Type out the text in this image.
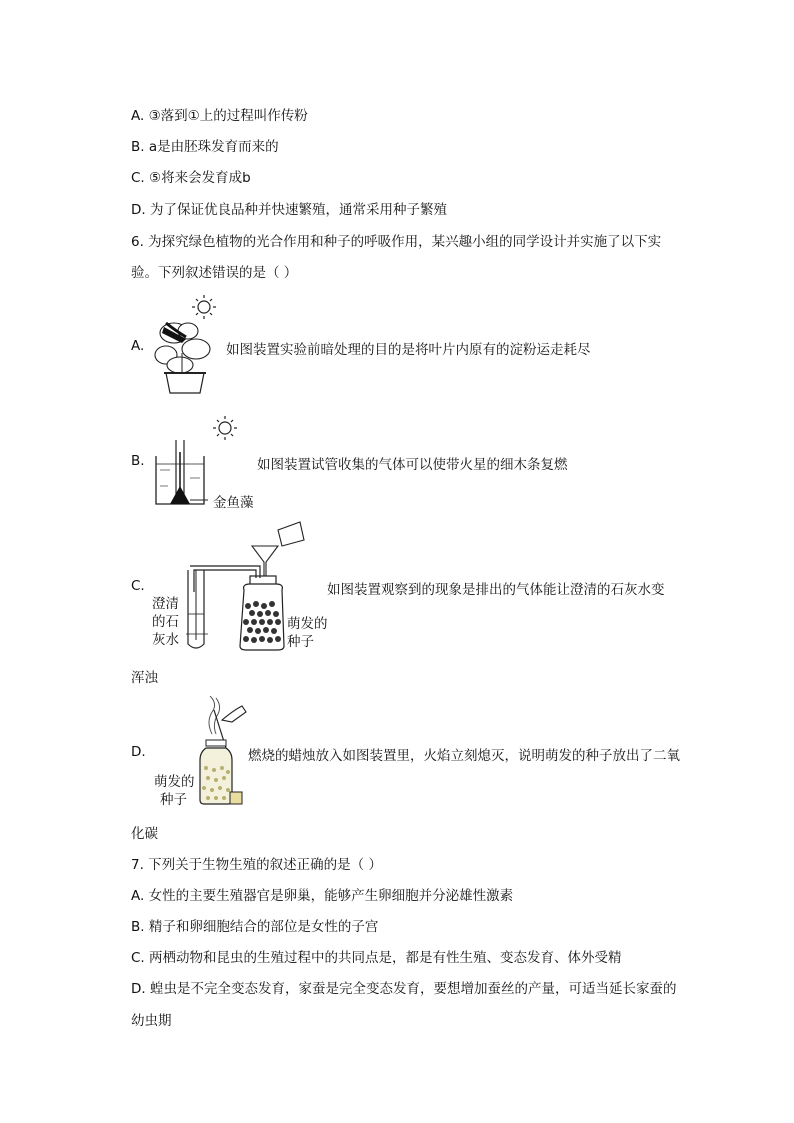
A. ③落到①上的过程叫作传粉
B. a是由胚珠发育而来的
C. ⑤将来会发育成b
D. 为了保证优良品种并快速繁殖，通常采用种子繁殖
6. 为探究绿色植物的光合作用和种子的呼吸作用，某兴趣小组的同学设计并实施了以下实
验。下列叙述错误的是（ ）
A.	如图装置实验前暗处理的目的是将叶片内原有的淀粉运走耗尽
B.
金鱼藻
如图装置试管收集的气体可以使带火星的细木条复燃
C.
澄清
的石
灰水
萌发的
种子
如图装置观察到的现象是排出的气体能让澄清的石灰水变
浑浊
D.
萌发的
种子
燃烧的蜡烛放入如图装置里，火焰立刻熄灭，说明萌发的种子放出了二氧
化碳
7. 下列关于生物生殖的叙述正确的是（ ）
A. 女性的主要生殖器官是卵巢，能够产生卵细胞并分泌雄性激素
B. 精子和卵细胞结合的部位是女性的子宫
C. 两栖动物和昆虫的生殖过程中的共同点是，都是有性生殖、变态发育、体外受精
D. 蝗虫是不完全变态发育，家蚕是完全变态发育，要想增加蚕丝的产量，可适当延长家蚕的
幼虫期
